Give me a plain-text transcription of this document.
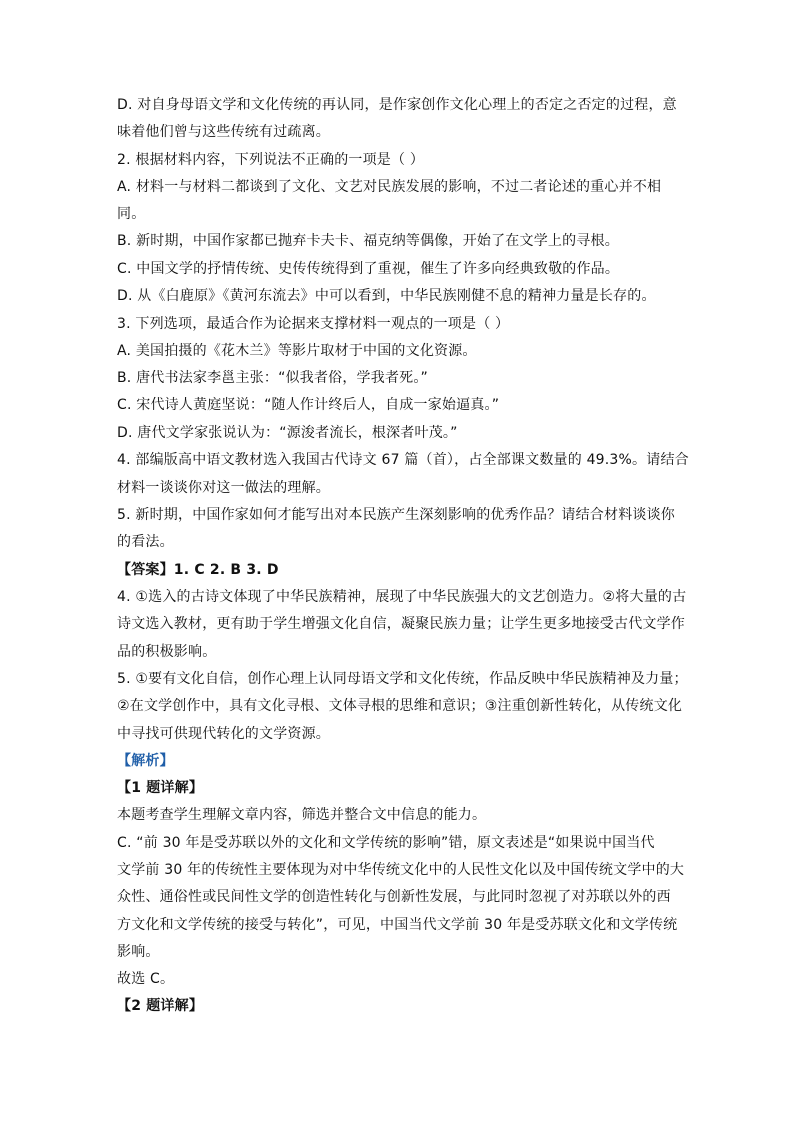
D. 对自身母语文学和文化传统的再认同，是作家创作文化心理上的否定之否定的过程，意
味着他们曾与这些传统有过疏离。
2. 根据材料内容，下列说法不正确的一项是（ ）
A. 材料一与材料二都谈到了文化、文艺对民族发展的影响，不过二者论述的重心并不相
同。
B. 新时期，中国作家都已抛弃卡夫卡、福克纳等偶像，开始了在文学上的寻根。
C. 中国文学的抒情传统、史传传统得到了重视，催生了许多向经典致敬的作品。
D. 从《白鹿原》《黄河东流去》中可以看到，中华民族刚健不息的精神力量是长存的。
3. 下列选项，最适合作为论据来支撑材料一观点的一项是（ ）
A. 美国拍摄的《花木兰》等影片取材于中国的文化资源。
B. 唐代书法家李邕主张：“似我者俗，学我者死。”
C. 宋代诗人黄庭坚说：“随人作计终后人，自成一家始逼真。”
D. 唐代文学家张说认为：“源浚者流长，根深者叶茂。”
4. 部编版高中语文教材选入我国古代诗文 67 篇（首），占全部课文数量的 49.3%。请结合
材料一谈谈你对这一做法的理解。
5. 新时期，中国作家如何才能写出对本民族产生深刻影响的优秀作品？请结合材料谈谈你
的看法。
【答案】1. C 2. B 3. D
4. ①选入的古诗文体现了中华民族精神，展现了中华民族强大的文艺创造力。②将大量的古
诗文选入教材，更有助于学生增强文化自信，凝聚民族力量；让学生更多地接受古代文学作
品的积极影响。
5. ①要有文化自信，创作心理上认同母语文学和文化传统，作品反映中华民族精神及力量；
②在文学创作中，具有文化寻根、文体寻根的思维和意识；③注重创新性转化，从传统文化
中寻找可供现代转化的文学资源。
【解析】
【1 题详解】
本题考查学生理解文章内容，筛选并整合文中信息的能力。
C. “前 30 年是受苏联以外的文化和文学传统的影响”错，原文表述是“如果说中国当代
文学前 30 年的传统性主要体现为对中华传统文化中的人民性文化以及中国传统文学中的大
众性、通俗性或民间性文学的创造性转化与创新性发展，与此同时忽视了对苏联以外的西
方文化和文学传统的接受与转化”，可见，中国当代文学前 30 年是受苏联文化和文学传统
影响。
故选 C。
【2 题详解】
